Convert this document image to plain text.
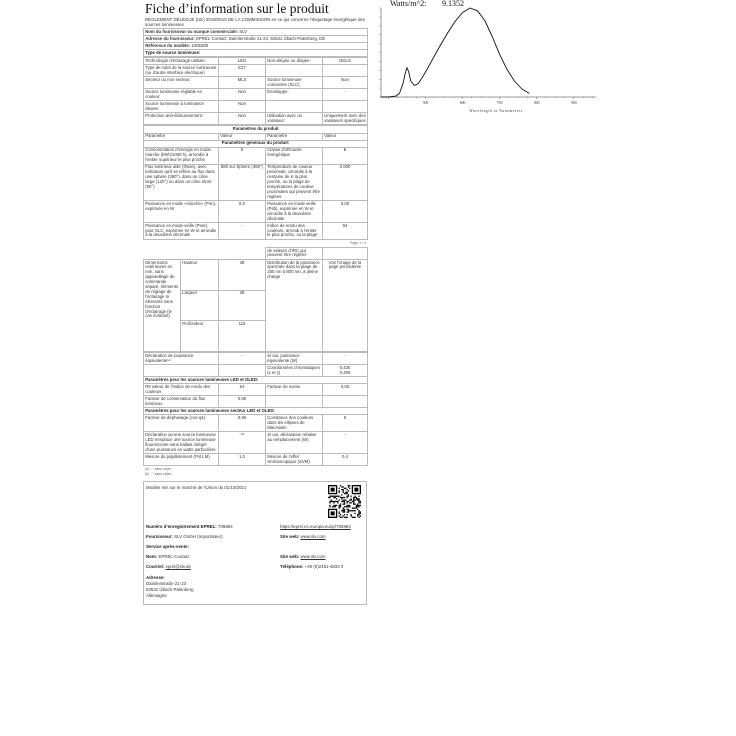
Fiche d’information sur le produit
RÈGLEMENT DÉLÉGUÉ (UE) 2019/2015 DE LA COMMISSION en ce qui concerne l’étiquetage énergétique des sources lumineuses
Nom du fournisseur ou marque commerciale: SLV
Adresse du fournisseur: EPREL-Contact, Daimlerstraße 21-23, 52531 Übach-Palenberg, DE
Référence du modèle: 1005289
Type de source lumineuse:
Technologie d’éclairage utilisée:	LED	Non-dirigée ou dirigée:	NDLS
Type de culot de la source lumineuse (ou d’autre interface électrique)	E27		
Secteur ou non secteur:	MLS	Source lumineuse connectée (SLC):	Non
Source lumineuse réglable en couleur:	Non	Enveloppe:	-
Source lumineuse à luminance élevée:	Non		
Protection anti-éblouissement:	Non	Utilisation avec un variateur:	Uniquement avec des variateurs spécifiques
Paramètres du produit			
Paramètre	Valeur	Paramètre	Valeur
Paramètres généraux du produit:			
Consommation d’énergie en mode marche (kWh/1000 h), arrondie à l’entier supérieur le plus proche	8	Classe d’efficacité énergétique	E
Flux lumineux utile (Φuse), avec indication qu’il se réfère au flux dans une sphère (360°), dans un cône large (120°) ou dans un cône étroit (90°)	880 sur Sphère (360°)	Température de couleur proximale, arrondie à la centaine de K la plus proche, ou la plage de températures de couleur proximales qui peuvent être réglées	3 000
Puissance en mode «marche» (Pon), exprimée en W	8,0	Puissance en mode veille (Psb), exprimée en W et arrondie à la deuxième décimale	0,00
Puissance en mode-veille (Pnet), pour SLC, exprimée en W et arrondie à la deuxième décimale	-	Indice de rendu des couleurs, arrondi à l’entier le plus proche, ou la plage	94
Page 1 / 4
			de valeurs d’IRC qui peuvent être réglées	
Dimensions extérieures en mm, sans appareillage de commande séparé, éléments de réglage de l’éclairage ni éléments sans fonction d’éclairage (le cas échéant)	Hauteur	38	Distribution de la puissance spectrale dans la plage de 250 nm à 800 nm, à pleine charge	Voir l’image de la page précédente
	Largeur	38		
	Profondeur	116		
Déclaration de puissance équivalente⁽ᵃ⁾	-	Si oui, puissance équivalente (W)	-
		Coordonnées chromatiques (x et y)	0,430
0,400
Paramètres pour les sources lumineuses LED et OLED:			
R9 valeur de l’indice de rendu des couleurs	64	Facteur de survie	0,00
Facteur de conservation du flux lumineux	0,96		
Paramètres pour les sources lumineuses secteur LED et OLED:			
Facteur de déphasage (cos φ1)	0,96	Constance des couleurs dans les ellipses de MacAdam	6
Déclaration qu’une source lumineuse LED remplace une source lumineuse fluorescente sans ballast intégré d’une puissance en watts particulière	-⁽ᵇ⁾	Si oui, déclaration relative au remplacement (W)	-
Mesure du papillotement (Pst LM)	1,0	Mesure de l’effet stroboscopique (SVM)	0,4
(a) '-': sans objet;
(b) '-': sans objet;
Modèle mis sur le marché de l’Union du 01/10/2021
Numéro d’enregistrement EPREL: 705884	https://eprel.ec.europa.eu/qr/705884
Fournisseur: SLV GmbH (Importateur)	Site web: www.slv.com
Service après-vente:
Nom: EPREL-Contact	Site web: www.slv.com
Courriel: eprel@slv.de	Téléphone: +49 (0)2451-4833 0
Adresse:
Daimlerstraße 21-23
52531 Übach-Palenberg
Allemagne
Watts/m^2: 9.1352
500	600	700	800	900
Wavelength in Nanometers
